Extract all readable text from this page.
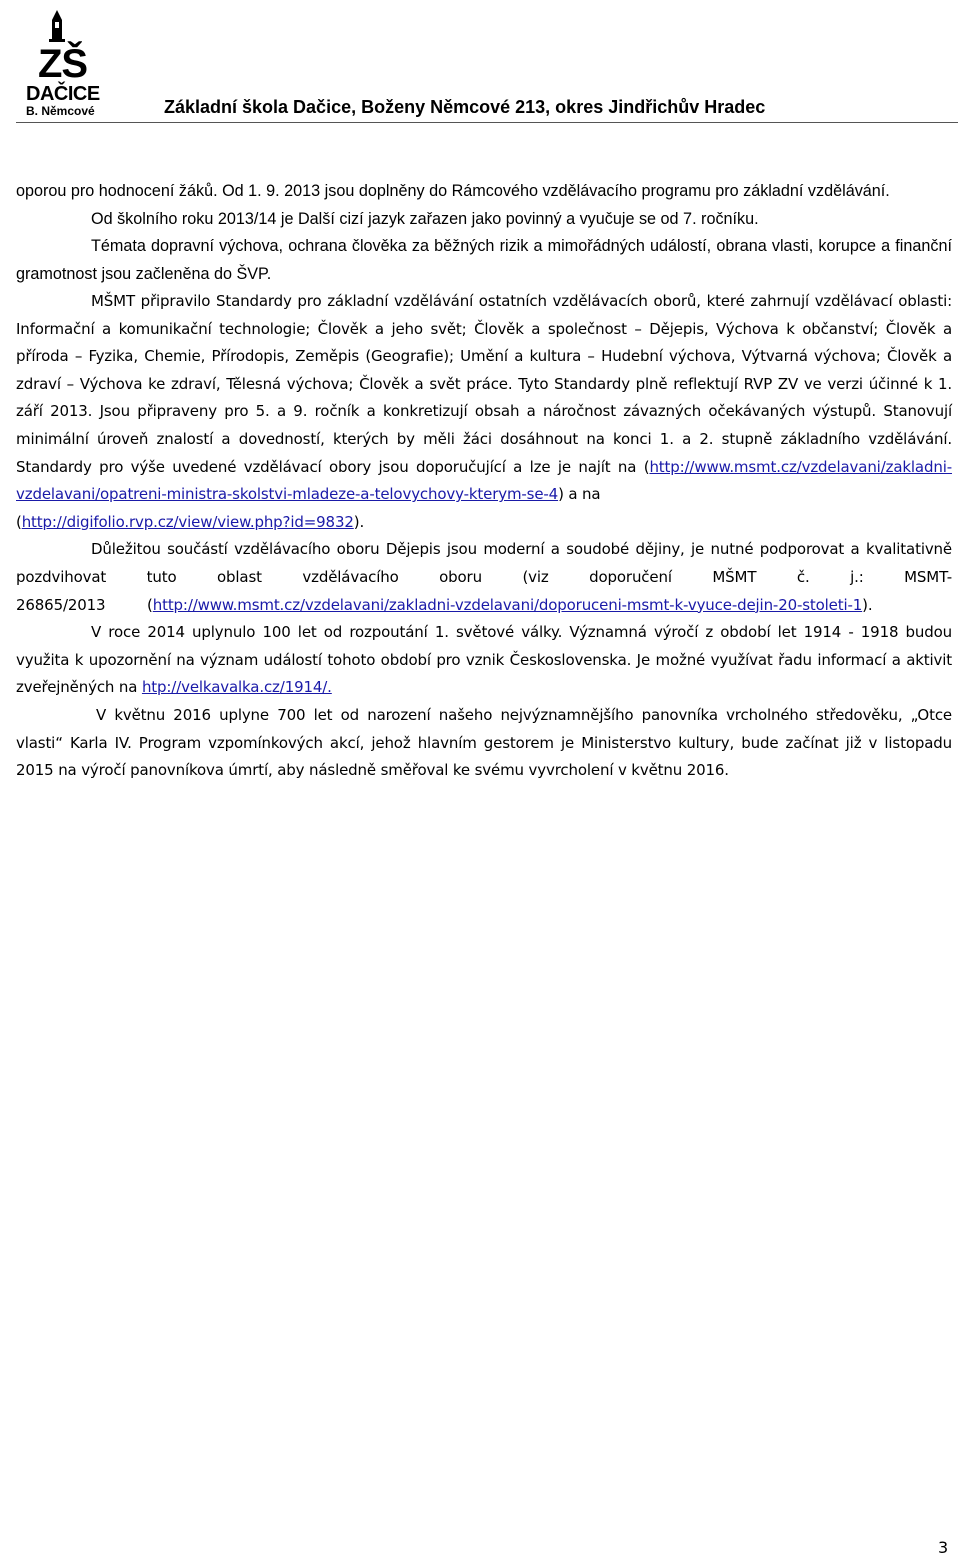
ZŠ
DAČICE
B. Němcové	Základní škola Dačice, Boženy Němcové 213, okres Jindřichův Hradec

oporou pro hodnocení žáků. Od 1. 9. 2013 jsou doplněny do Rámcového vzdělávacího programu pro základní vzdělávání.

Od školního roku 2013/14 je Další cizí jazyk zařazen jako povinný a vyučuje se od 7. ročníku.

Témata dopravní výchova, ochrana člověka za běžných rizik a mimořádných událostí, obrana vlasti, korupce a finanční gramotnost jsou začleněna do ŠVP.

MŠMT připravilo Standardy pro základní vzdělávání ostatních vzdělávacích oborů, které zahrnují vzdělávací oblasti: Informační a komunikační technologie; Člověk a jeho svět; Člověk a společnost – Dějepis, Výchova k občanství; Člověk a příroda – Fyzika, Chemie, Přírodopis, Zeměpis (Geografie); Umění a kultura – Hudební výchova, Výtvarná výchova; Člověk a zdraví – Výchova ke zdraví, Tělesná výchova; Člověk a svět práce. Tyto Standardy plně reflektují RVP ZV ve verzi účinné k 1. září 2013. Jsou připraveny pro 5. a 9. ročník a konkretizují obsah a náročnost závazných očekávaných výstupů. Stanovují minimální úroveň znalostí a dovedností, kterých by měli žáci dosáhnout na konci 1. a 2. stupně základního vzdělávání. Standardy pro výše uvedené vzdělávací obory jsou doporučující a lze je najít na (http://www.msmt.cz/vzdelavani/zakladni-vzdelavani/opatreni-ministra-skolstvi-mladeze-a-telovychovy-kterym-se-4) a na
(http://digifolio.rvp.cz/view/view.php?id=9832).

Důležitou součástí vzdělávacího oboru Dějepis jsou moderní a soudobé dějiny, je nutné podporovat a kvalitativně pozdvihovat tuto oblast vzdělávacího oboru (viz doporučení MŠMT č. j.: MSMT-26865/2013	(http://www.msmt.cz/vzdelavani/zakladni-vzdelavani/doporuceni-msmt-k-vyuce-dejin-20-stoleti-1).

V roce 2014 uplynulo 100 let od rozpoutání 1. světové války. Významná výročí z období let 1914 - 1918 budou využita k upozornění na význam událostí tohoto období pro vznik Československa. Je možné využívat řadu informací a aktivit zveřejněných na htp://velkavalka.cz/1914/.

V květnu 2016 uplyne 700 let od narození našeho nejvýznamnějšího panovníka vrcholného středověku, „Otce vlasti“ Karla IV. Program vzpomínkových akcí, jehož hlavním gestorem je Ministerstvo kultury, bude začínat již v listopadu 2015 na výročí panovníkova úmrtí, aby následně směřoval ke svému vyvrcholení v květnu 2016.

3
